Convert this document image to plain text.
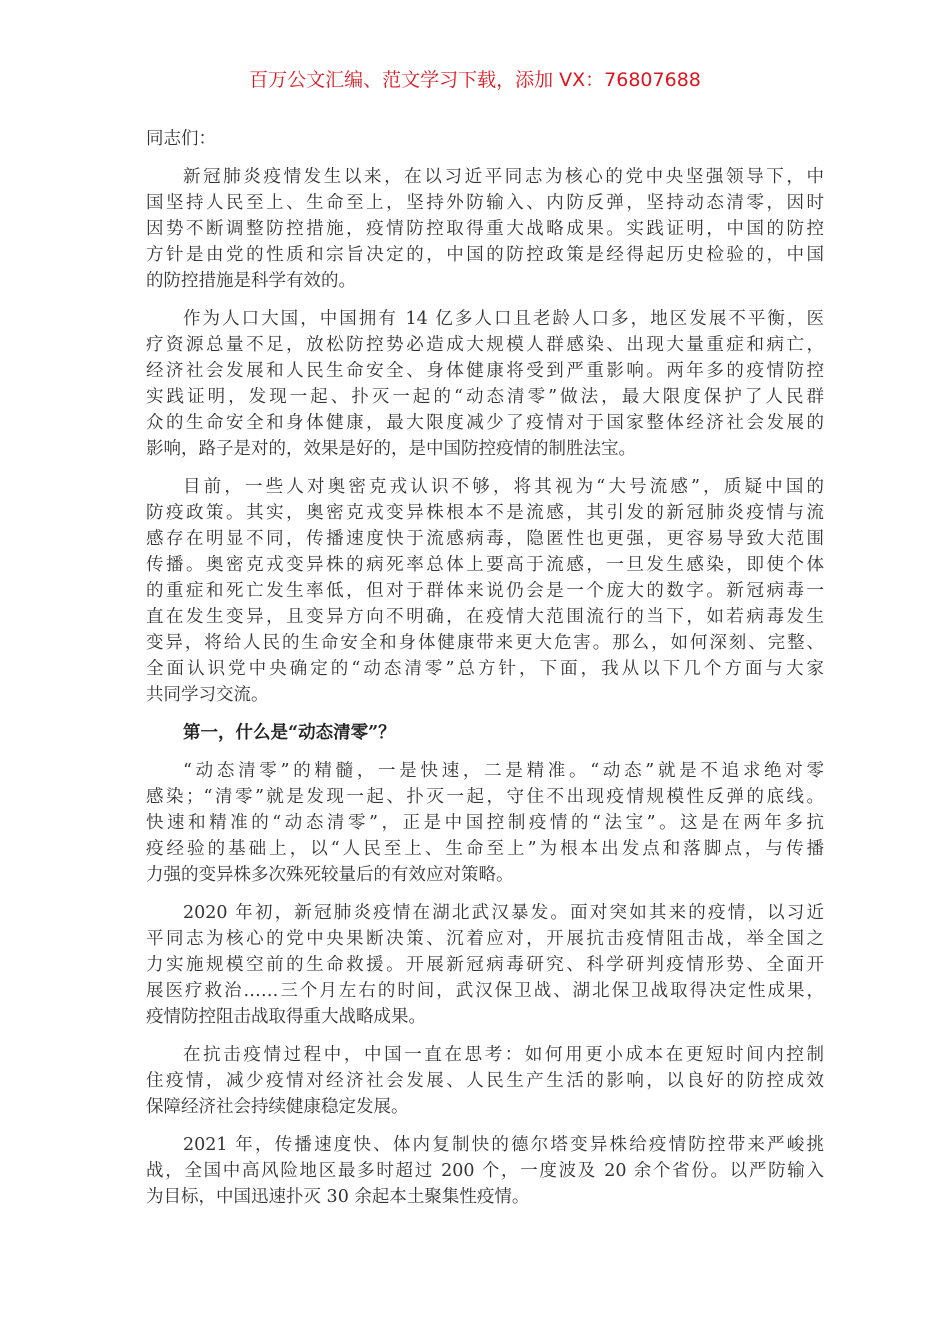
百万公文汇编、范文学习下载，添加 VX：76807688
同志们：
新冠肺炎疫情发生以来，在以习近平同志为核心的党中央坚强领导下，中
国坚持人民至上、生命至上，坚持外防输入、内防反弹，坚持动态清零，因时
因势不断调整防控措施，疫情防控取得重大战略成果。实践证明，中国的防控
方针是由党的性质和宗旨决定的，中国的防控政策是经得起历史检验的，中国
的防控措施是科学有效的。
作为人口大国，中国拥有 14 亿多人口且老龄人口多，地区发展不平衡，医
疗资源总量不足，放松防控势必造成大规模人群感染、出现大量重症和病亡，
经济社会发展和人民生命安全、身体健康将受到严重影响。两年多的疫情防控
实践证明，发现一起、扑灭一起的“动态清零”做法，最大限度保护了人民群
众的生命安全和身体健康，最大限度减少了疫情对于国家整体经济社会发展的
影响，路子是对的，效果是好的，是中国防控疫情的制胜法宝。
目前，一些人对奥密克戎认识不够，将其视为“大号流感”，质疑中国的
防疫政策。其实，奥密克戎变异株根本不是流感，其引发的新冠肺炎疫情与流
感存在明显不同，传播速度快于流感病毒，隐匿性也更强，更容易导致大范围
传播。奥密克戎变异株的病死率总体上要高于流感，一旦发生感染，即使个体
的重症和死亡发生率低，但对于群体来说仍会是一个庞大的数字。新冠病毒一
直在发生变异，且变异方向不明确，在疫情大范围流行的当下，如若病毒发生
变异，将给人民的生命安全和身体健康带来更大危害。那么，如何深刻、完整、
全面认识党中央确定的“动态清零”总方针，下面，我从以下几个方面与大家
共同学习交流。
第一，什么是“动态清零”？
“动态清零”的精髓，一是快速，二是精准。“动态”就是不追求绝对零
感染；“清零”就是发现一起、扑灭一起，守住不出现疫情规模性反弹的底线。
快速和精准的“动态清零”，正是中国控制疫情的“法宝”。这是在两年多抗
疫经验的基础上，以“人民至上、生命至上”为根本出发点和落脚点，与传播
力强的变异株多次殊死较量后的有效应对策略。
2020 年初，新冠肺炎疫情在湖北武汉暴发。面对突如其来的疫情，以习近
平同志为核心的党中央果断决策、沉着应对，开展抗击疫情阻击战，举全国之
力实施规模空前的生命救援。开展新冠病毒研究、科学研判疫情形势、全面开
展医疗救治……三个月左右的时间，武汉保卫战、湖北保卫战取得决定性成果，
疫情防控阻击战取得重大战略成果。
在抗击疫情过程中，中国一直在思考：如何用更小成本在更短时间内控制
住疫情，减少疫情对经济社会发展、人民生产生活的影响，以良好的防控成效
保障经济社会持续健康稳定发展。
2021 年，传播速度快、体内复制快的德尔塔变异株给疫情防控带来严峻挑
战，全国中高风险地区最多时超过 200 个，一度波及 20 余个省份。以严防输入
为目标，中国迅速扑灭 30 余起本土聚集性疫情。
